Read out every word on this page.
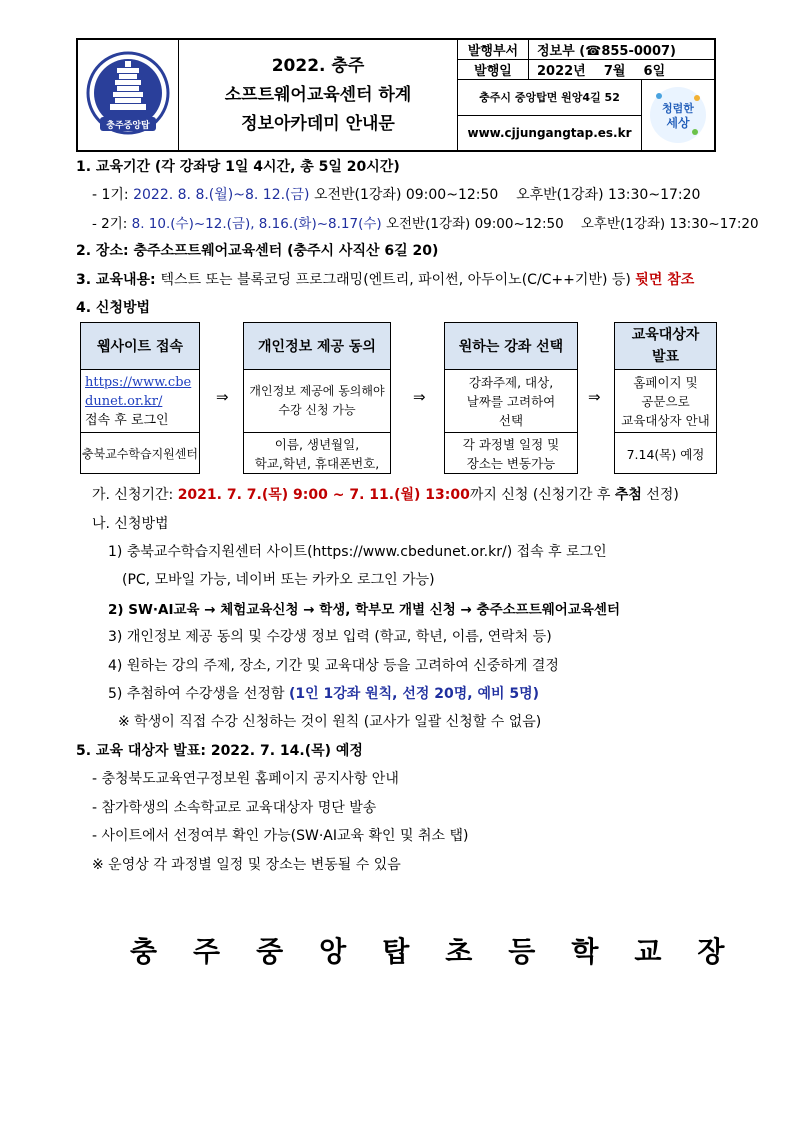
충주중앙탑
2022. 충주
소프트웨어교육센터 하계
정보아카데미 안내문
발행부서	정보부 (☎855-0007)
발행일	2022년    7월    6일
충주시 중앙탑면 원앙4길 52
www.cjjungangtap.es.kr
청렴한
세상
1. 교육기간 (각 강좌당 1일 4시간, 총 5일 20시간)
- 1기: 2022. 8. 8.(월)~8. 12.(금) 오전반(1강좌) 09:00~12:50    오후반(1강좌) 13:30~17:20
- 2기: 8. 10.(수)~12.(금), 8.16.(화)~8.17(수) 오전반(1강좌) 09:00~12:50    오후반(1강좌) 13:30~17:20
2. 장소: 충주소프트웨어교육센터 (충주시 사직산 6길 20)
3. 교육내용: 텍스트 또는 블록코딩 프로그래밍(엔트리, 파이썬, 아두이노(C/C++기반) 등) 뒷면 참조
4. 신청방법
웹사이트 접속
https://www.cbe
dunet.or.kr/
접속 후 로그인
충북교수학습지원센터
⇒
개인정보 제공 동의
개인정보 제공에 동의해야
수강 신청 가능
이름, 생년월일,
학교,학년, 휴대폰번호,
⇒
원하는 강좌 선택
강좌주제, 대상,
날짜를 고려하여
선택
각 과정별 일정 및
장소는 변동가능
⇒
교육대상자
발표
홈페이지 및
공문으로
교육대상자 안내
7.14(목) 예정
가. 신청기간: 2021. 7. 7.(목) 9:00 ~ 7. 11.(월) 13:00까지 신청 (신청기간 후 추첨 선정)
나. 신청방법
1) 충북교수학습지원센터 사이트(https://www.cbedunet.or.kr/) 접속 후 로그인
(PC, 모바일 가능, 네이버 또는 카카오 로그인 가능)
2) SW·AI교육 → 체험교육신청 → 학생, 학부모 개별 신청 → 충주소프트웨어교육센터
3) 개인정보 제공 동의 및 수강생 정보 입력 (학교, 학년, 이름, 연락처 등)
4) 원하는 강의 주제, 장소, 기간 및 교육대상 등을 고려하여 신중하게 결정
5) 추첨하여 수강생을 선정함 (1인 1강좌 원칙, 선정 20명, 예비 5명)
※ 학생이 직접 수강 신청하는 것이 원칙 (교사가 일괄 신청할 수 없음)
5. 교육 대상자 발표: 2022. 7. 14.(목) 예정
- 충청북도교육연구정보원 홈페이지 공지사항 안내
- 참가학생의 소속학교로 교육대상자 명단 발송
- 사이트에서 선정여부 확인 가능(SW·AI교육 확인 및 취소 탭)
※ 운영상 각 과정별 일정 및 장소는 변동될 수 있음
충주중앙탑초등학교장
